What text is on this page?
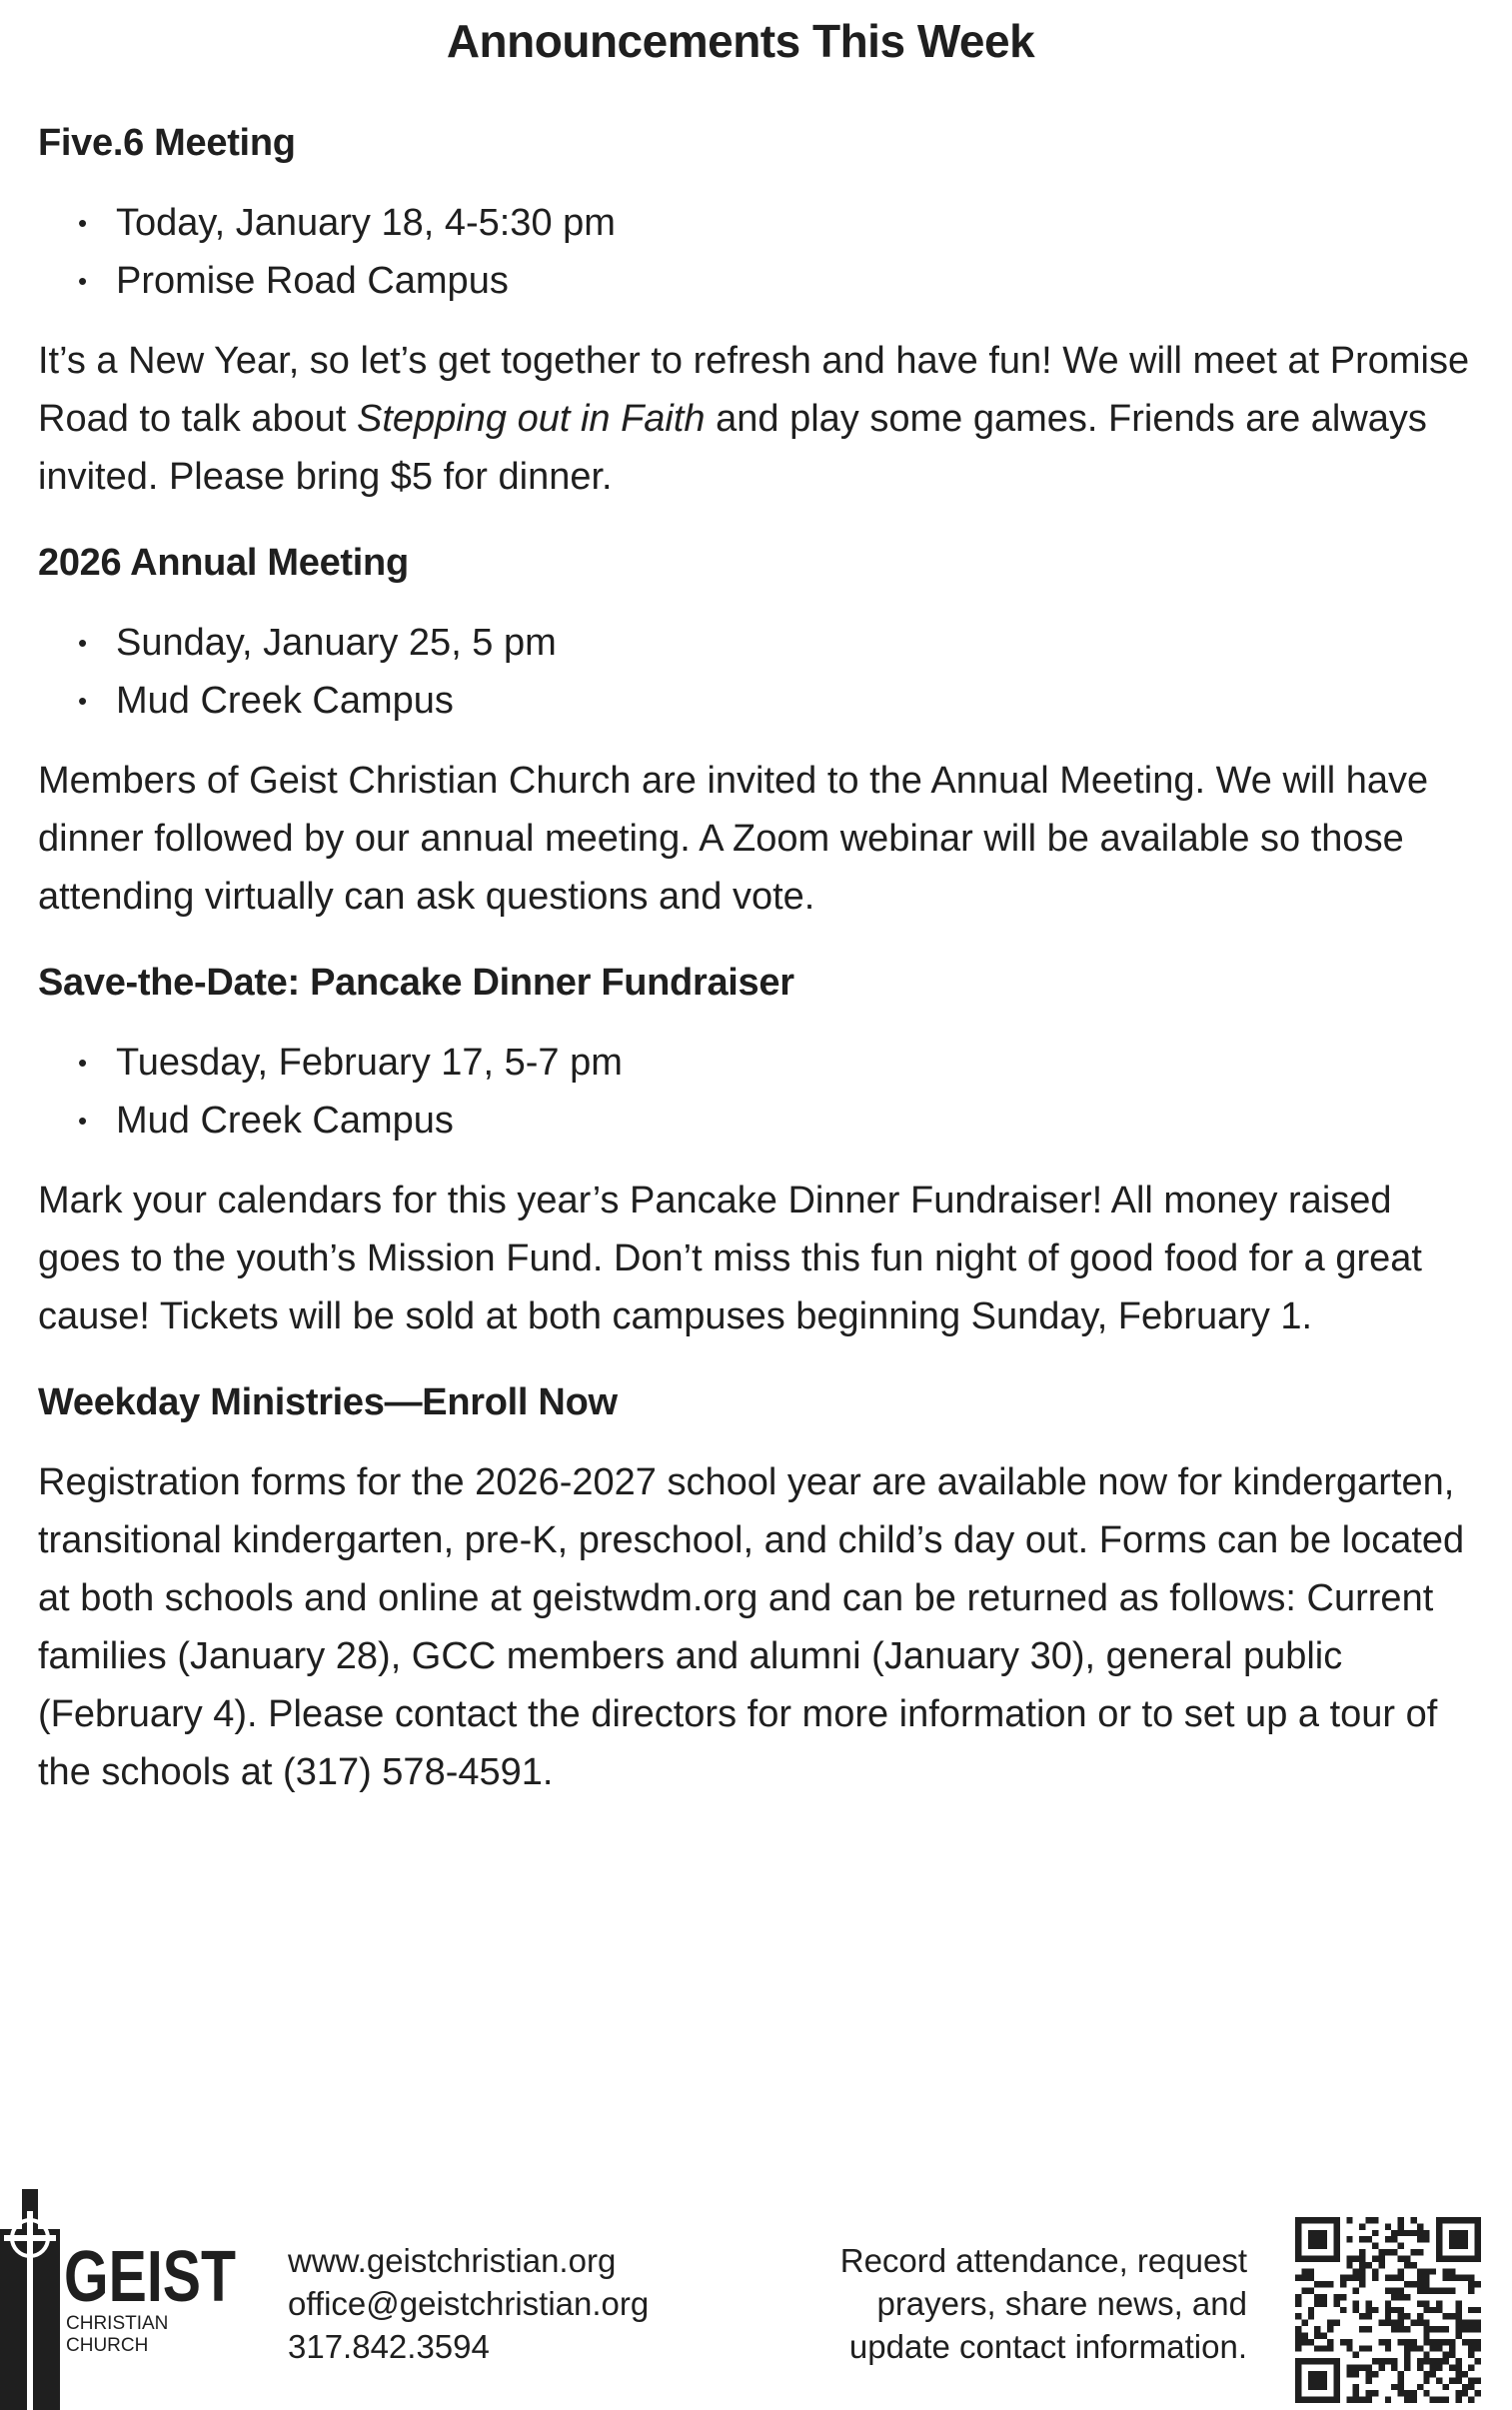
Announcements This Week
Five.6 Meeting
• Today, January 18, 4-5:30 pm
• Promise Road Campus

It’s a New Year, so let’s get together to refresh and have fun! We will meet at Promise Road to talk about Stepping out in Faith and play some games. Friends are always invited. Please bring $5 for dinner.

2026 Annual Meeting
• Sunday, January 25, 5 pm
• Mud Creek Campus

Members of Geist Christian Church are invited to the Annual Meeting. We will have dinner followed by our annual meeting. A Zoom webinar will be available so those attending virtually can ask questions and vote.

Save-the-Date: Pancake Dinner Fundraiser
• Tuesday, February 17, 5-7 pm
• Mud Creek Campus

Mark your calendars for this year’s Pancake Dinner Fundraiser! All money raised goes to the youth’s Mission Fund. Don’t miss this fun night of good food for a great cause! Tickets will be sold at both campuses beginning Sunday, February 1.

Weekday Ministries—Enroll Now

Registration forms for the 2026-2027 school year are available now for kindergarten, transitional kindergarten, pre-K, preschool, and child’s day out. Forms can be located at both schools and online at geistwdm.org and can be returned as follows: Current families (January 28), GCC members and alumni (January 30), general public (February 4). Please contact the directors for more information or to set up a tour of the schools at (317) 578-4591.

GEIST
CHRISTIAN
CHURCH
www.geistchristian.org
office@geistchristian.org
317.842.3594
Record attendance, request
prayers, share news, and
update contact information.
